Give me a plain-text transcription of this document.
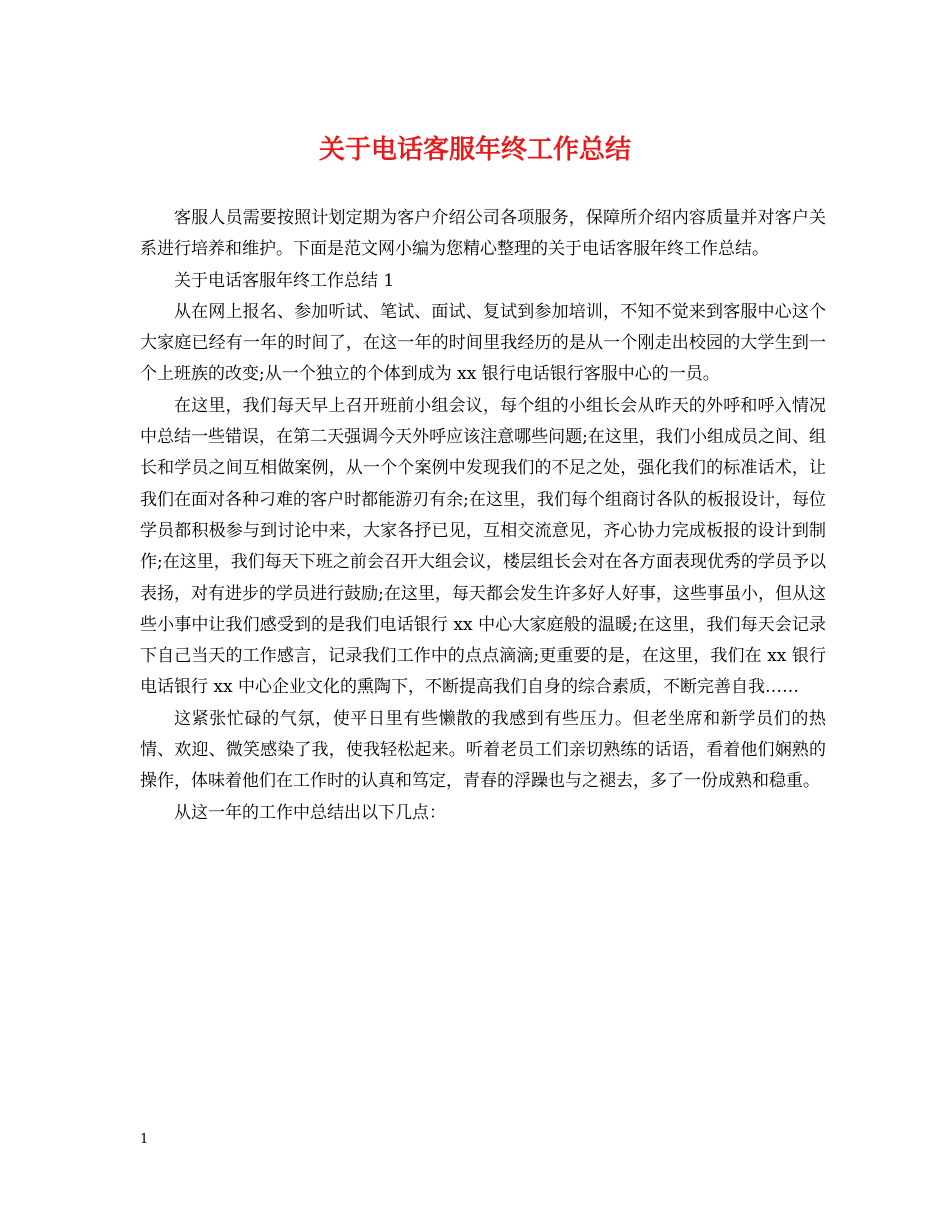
关于电话客服年终工作总结

客服人员需要按照计划定期为客户介绍公司各项服务，保障所介绍内容质量并对客户关系进行培养和维护。下面是范文网小编为您精心整理的关于电话客服年终工作总结。

关于电话客服年终工作总结 1

从在网上报名、参加听试、笔试、面试、复试到参加培训，不知不觉来到客服中心这个大家庭已经有一年的时间了，在这一年的时间里我经历的是从一个刚走出校园的大学生到一个上班族的改变;从一个独立的个体到成为 xx 银行电话银行客服中心的一员。

在这里，我们每天早上召开班前小组会议，每个组的小组长会从昨天的外呼和呼入情况中总结一些错误，在第二天强调今天外呼应该注意哪些问题;在这里，我们小组成员之间、组长和学员之间互相做案例，从一个个案例中发现我们的不足之处，强化我们的标准话术，让我们在面对各种刁难的客户时都能游刃有余;在这里，我们每个组商讨各队的板报设计，每位学员都积极参与到讨论中来，大家各抒已见，互相交流意见，齐心协力完成板报的设计到制作;在这里，我们每天下班之前会召开大组会议，楼层组长会对在各方面表现优秀的学员予以表扬，对有进步的学员进行鼓励;在这里，每天都会发生许多好人好事，这些事虽小，但从这些小事中让我们感受到的是我们电话银行 xx 中心大家庭般的温暖;在这里，我们每天会记录下自己当天的工作感言，记录我们工作中的点点滴滴;更重要的是，在这里，我们在 xx 银行电话银行 xx 中心企业文化的熏陶下，不断提高我们自身的综合素质，不断完善自我……

这紧张忙碌的气氛，使平日里有些懒散的我感到有些压力。但老坐席和新学员们的热情、欢迎、微笑感染了我，使我轻松起来。听着老员工们亲切熟练的话语，看着他们娴熟的操作，体味着他们在工作时的认真和笃定，青春的浮躁也与之褪去，多了一份成熟和稳重。

从这一年的工作中总结出以下几点：

1
